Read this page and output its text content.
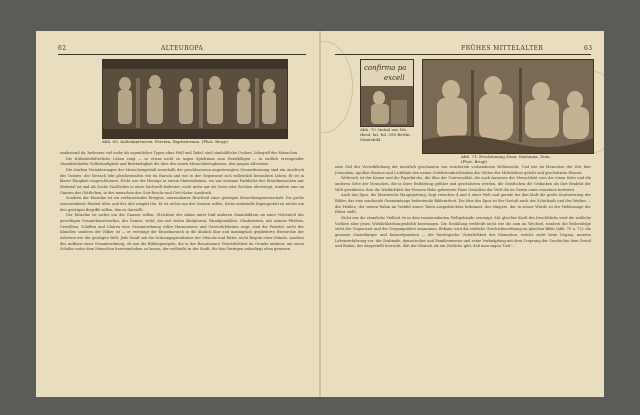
62	ALTEUROPA
Abb. 69. Außenkärtnerin. Ferrara, Baptisterium. (Phot. Brogi)

umfassend da, bedeuten viel mehr als eigentlicher Typen ohne Fehl und Tadel; sind sinnbildliche Urchen, Inbegriff des Menschen.

Die frühmittelalterliche Leben zeigt — so etwas nicht zu sagen Spielraum zum Zwiefältigen — in endlich erzeugender charakterhafter Selbständigkeit und Beständigkeit die Idee des neuen Menschheitsglanzes, den jungen Altertums.

Die starken Veränderungen der Menschengestalt innerhalb der geschlossenen angestrengten Gesamtformung sind ein Ausdruck des Geistes: der Mensch lebt gleichermaßen wie im Barock und wie in der Gegenwart sich willentlich besondern Leben. Er ist in klarer Einigkeit eingeschlossen. Nicht wie der Heutige in einem Materialismus, wo nur einsame Farblöcke der Einzelmenschen nur Material ist und als Sache Sachliches in einer Sachwelt bedeutet; nicht mehr nur als Geist oder Zeichen überwiegt, sondern eins im Ganzen des Göttlichen, in des menschen des Gott-Reichs und Gott-Natur Ausdruck.

Sondern der Einzelne ist ein verbesserndes Ereignis, untrennbarer Bruchteil einer geistigen Menschengemeinschaft. Die große transzendente Einheit Alter und der Alte umgibt ihn. Er ist nichts um des Ganzen willen. Seine materielle Eigengestalt ist nichts um den geistigen Begriffs willen, den es darstellt.

Der Einzelne ist nichts um des Ganzen willen: Gleichwie der Adam unter hinf anderen Staatsbildern an einer Nebenteil des gewaltigen Gesamtkunstwerkes, des Domes, steht, der mit vielen Skulpturen, Wandgemälden, Glasfenstern, mit seinem Pfeilern, Gewölben, Schiffen und Chören eine Gesamtordnung voller Harmonieen und Gesetzlichkeiten zeigt, sind die Priester, nicht der Künstler, sondern der Völker ist — er vereinigt der Einzelmensch in die ähnlich klar und mannigfach gegliederte Hierarchie der Arbeiten wie der geistigen Welt. Jede Zunft sah die Ordnungsgrundsätze der Mönche und Ritter, nicht Regeln einer Stände, sondern des Aufbaus einer Gesamtordnung, ob nun die Bildungsregeln, die in der Renaissance Gesetzlichkeit im Grunde umfasst, um einen Schüler unter dem Menschen hervorzuheben zu lassen, der vielleicht in der Stadt, für den Geringen unbedingt eben gewesen.

FRÜHES MITTELALTER	63
confirma pa
excell
Abb. 70. Initial aus Ms. theol. lat. fol. 358 Berlin, Staatsbibl.
Abb. 71. Erscheinung Zwar. Madonna, Dom. (Phot. Brogi)

näre Ziel der Verwirklichung der innerlich geschauten von vornherein vorhandenen Weltansicht. Und wie im Menschen der Zeit hier Jerusalem, Apollon-Statuen und Lichtlinie den neuen Gelehrtendurchlaufen der Götter des Mittelalters geteilt und geschützten Häuser.

Weltreich ist der Kaiser und die Papstkirche, die Idee der Universalität, die nach Anwesen der Menschheit vom der einen Seite und die anderen Seite der Menschen, die in ihrer Entfaltung geführt und geschützten werden, die Geistlichen die Gedanken als ihre Realität der Welt gewährten, ihre die Wirklichkeit der Formen Ruhe gebreitete Haus Gestalten der Welt die im Geiste eines einzelnen bedeutet.

Auch das Epos, die literarische Hauptgattung, liegt zwischen 4 und 6 einer Welt und gerade bei ihm läuft die große Konturierung der Bilder, das eine machende Gesammtauge bedeutende Bilderarbeit. Die Idee des Epos ist der Gestalt auch des Schicksals und des Werkes — des Helden, der seinen Ruhm im Vorbild seiner Taten ausgedrückten bekommt, des Sängers, der in seiner Würde zu der Heldensage der Ritter stellt.

Nicht nur die räumliche Vielheit ist in dem transzendenten Weltgebäude vereinigt. Mit gleicher Kraft des Durchblicks wird die zeitliche Vielheit aber jenen Wirklichkeitsaugenblick bezwungen. Die Erzählung verbleibt nicht wie die zum im Wechsel, sondern die Reihenfolge steht der Gegenwart und der Vergangenheit zusammen; Bekann wird die zeitliche Geschichtsordnung im gleichen Bilde (Abb. 70 u. 72): die gesamte Staatsbürger und Kaiserdynastien — die theologische Unterlichkeit des Menschen, welche nicht beim Dogma, inneren Lebenserfahrung vor: die Grabmale, dynastischer und Familienwesen und seine Verknüpfung mit dem Ursprung der Geschichte dem Grund und Boden, der dargestellt herrscht, daß der Mensch als ein Zeitliche gibt, daß man sagen 'Daß'...
